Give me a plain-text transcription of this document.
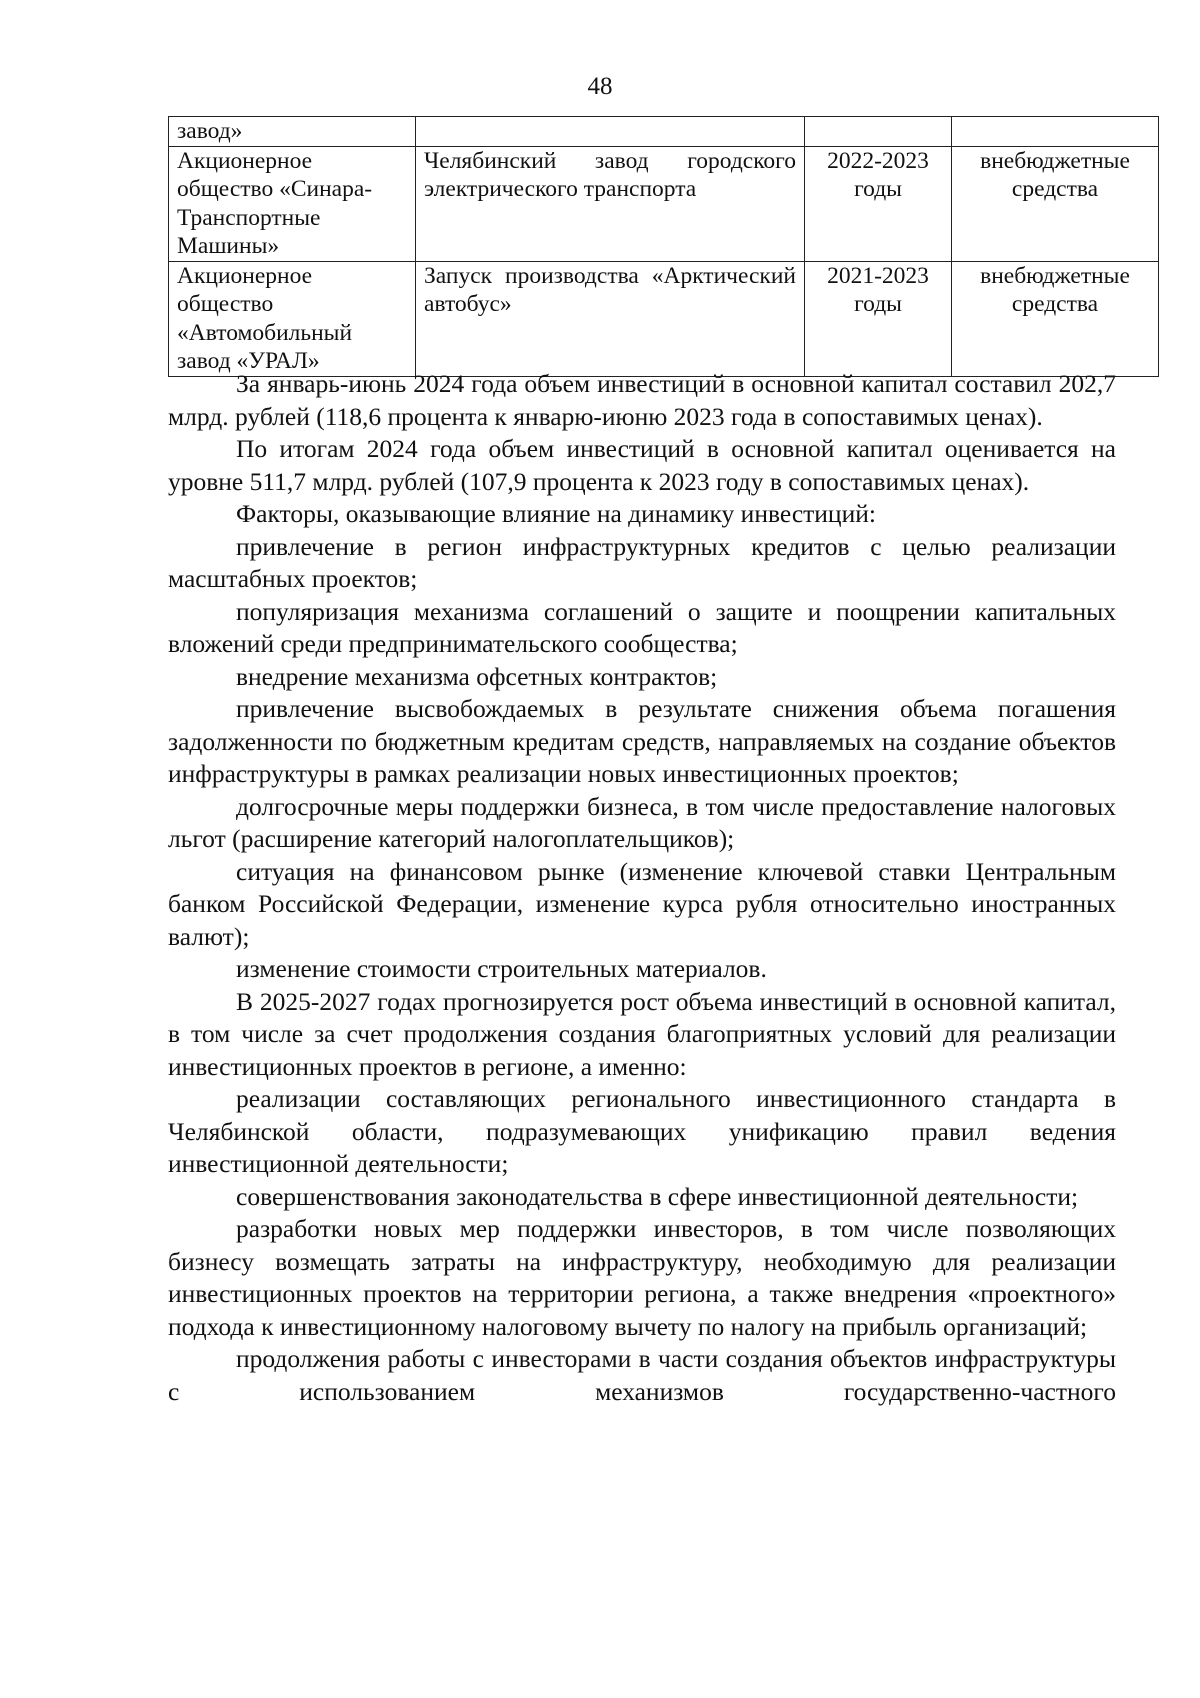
48
завод»			
Акционерное общество «Синара-Транспортные Машины»	Челябинский завод городского электрического транспорта	2022-2023 годы	внебюджетные средства
Акционерное общество «Автомобильный завод «УРАЛ»	Запуск производства «Арктический автобус»	2021-2023 годы	внебюджетные средства

За январь-июнь 2024 года объем инвестиций в основной капитал составил 202,7 млрд. рублей (118,6 процента к январю-июню 2023 года в сопоставимых ценах).

По итогам 2024 года объем инвестиций в основной капитал оценивается на уровне 511,7 млрд. рублей (107,9 процента к 2023 году в сопоставимых ценах).

Факторы, оказывающие влияние на динамику инвестиций:

привлечение в регион инфраструктурных кредитов с целью реализации масштабных проектов;

популяризация механизма соглашений о защите и поощрении капитальных вложений среди предпринимательского сообщества;

внедрение механизма офсетных контрактов;

привлечение высвобождаемых в результате снижения объема погашения задолженности по бюджетным кредитам средств, направляемых на создание объектов инфраструктуры в рамках реализации новых инвестиционных проектов;

долгосрочные меры поддержки бизнеса, в том числе предоставление налоговых льгот (расширение категорий налогоплательщиков);

ситуация на финансовом рынке (изменение ключевой ставки Центральным банком Российской Федерации, изменение курса рубля относительно иностранных валют);

изменение стоимости строительных материалов.

В 2025-2027 годах прогнозируется рост объема инвестиций в основной капитал, в том числе за счет продолжения создания благоприятных условий для реализации инвестиционных проектов в регионе, а именно:

реализации составляющих регионального инвестиционного стандарта в Челябинской области, подразумевающих унификацию правил ведения инвестиционной деятельности;

совершенствования законодательства в сфере инвестиционной деятельности;

разработки новых мер поддержки инвесторов, в том числе позволяющих бизнесу возмещать затраты на инфраструктуру, необходимую для реализации инвестиционных проектов на территории региона, а также внедрения «проектного» подхода к инвестиционному налоговому вычету по налогу на прибыль организаций;

продолжения работы с инвесторами в части создания объектов инфраструктуры с использованием механизмов государственно-частного
